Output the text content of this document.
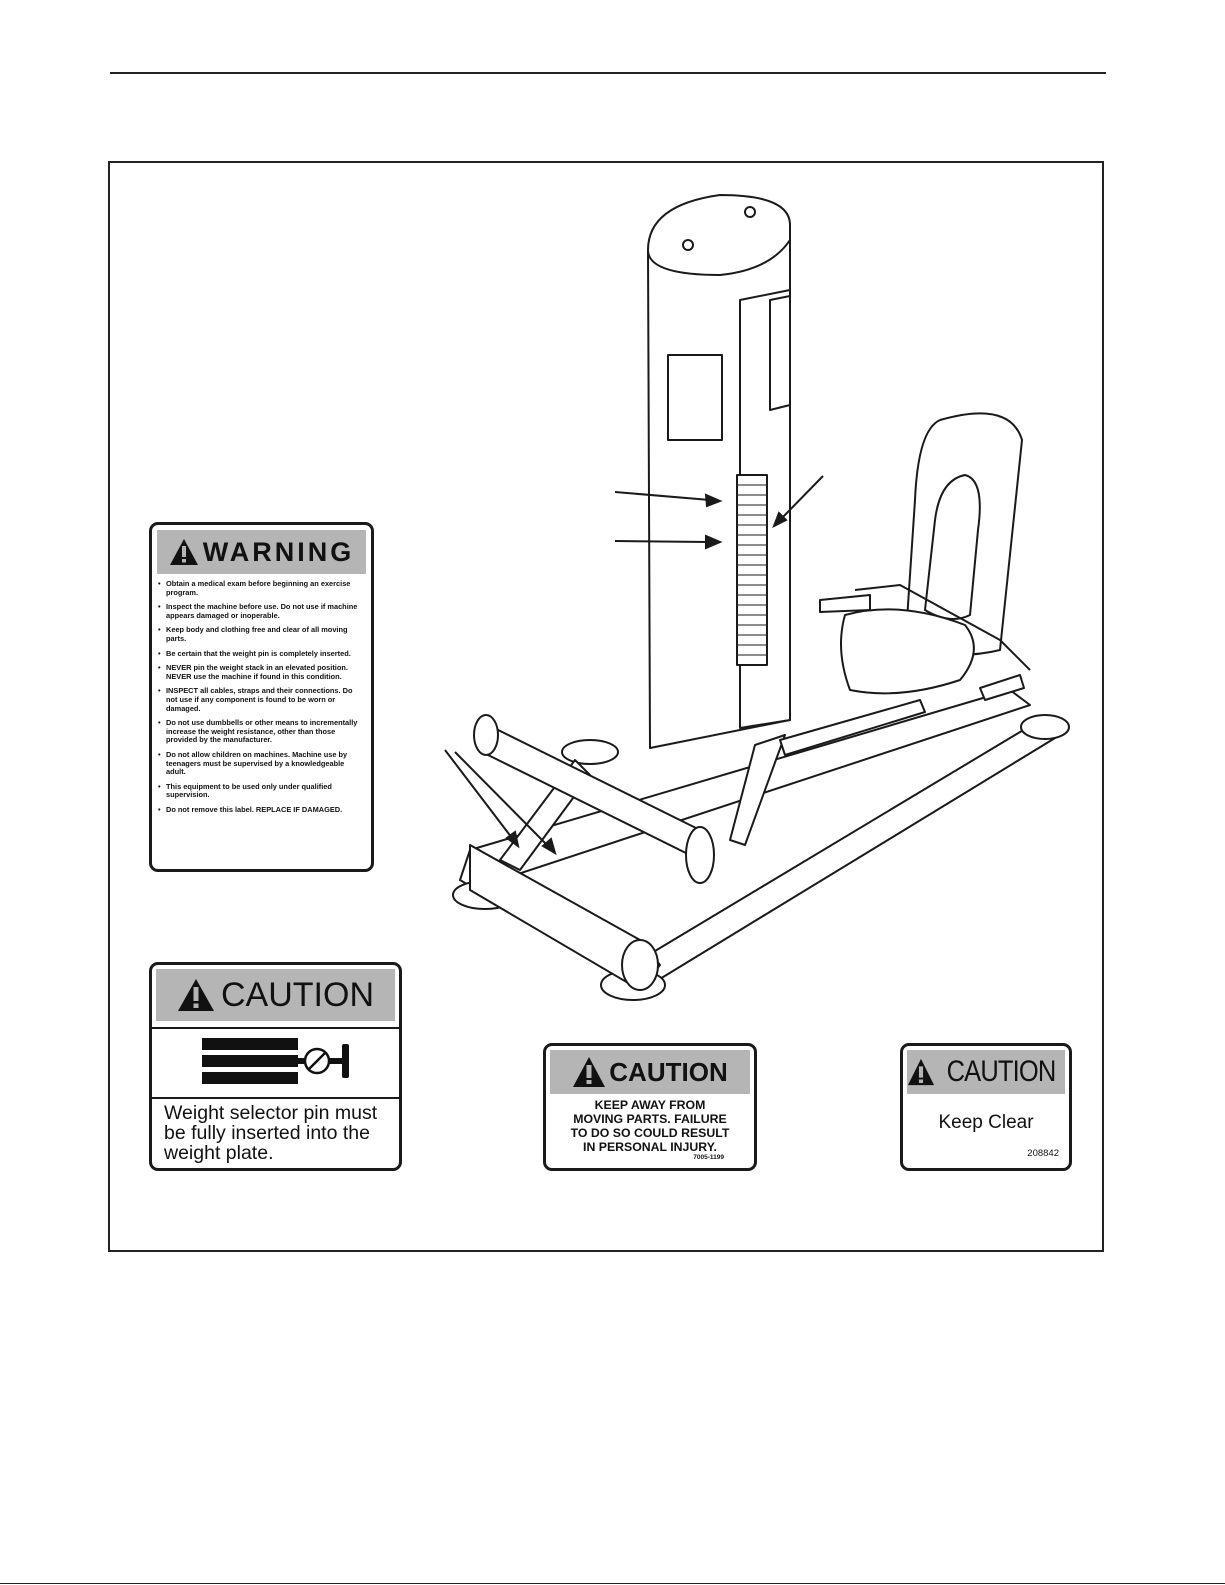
WARNING
• Obtain a medical exam before beginning an exercise program.
• Inspect the machine before use. Do not use if machine appears damaged or inoperable.
• Keep body and clothing free and clear of all moving parts.
• Be certain that the weight pin is completely inserted.
• NEVER pin the weight stack in an elevated position. NEVER use the machine if found in this condition.
• INSPECT all cables, straps and their connections. Do not use if any component is found to be worn or damaged.
• Do not use dumbbells or other means to incrementally increase the weight resistance, other than those provided by the manufacturer.
• Do not allow children on machines. Machine use by teenagers must be supervised by a knowledgeable adult.
• This equipment to be used only under qualified supervision.
• Do not remove this label. REPLACE IF DAMAGED.
CAUTION
Weight selector pin must
be fully inserted into the
weight plate.
CAUTION
KEEP AWAY FROM
MOVING PARTS. FAILURE
TO DO SO COULD RESULT
IN PERSONAL INJURY.
7005-1199
CAUTION
Keep Clear
208842
